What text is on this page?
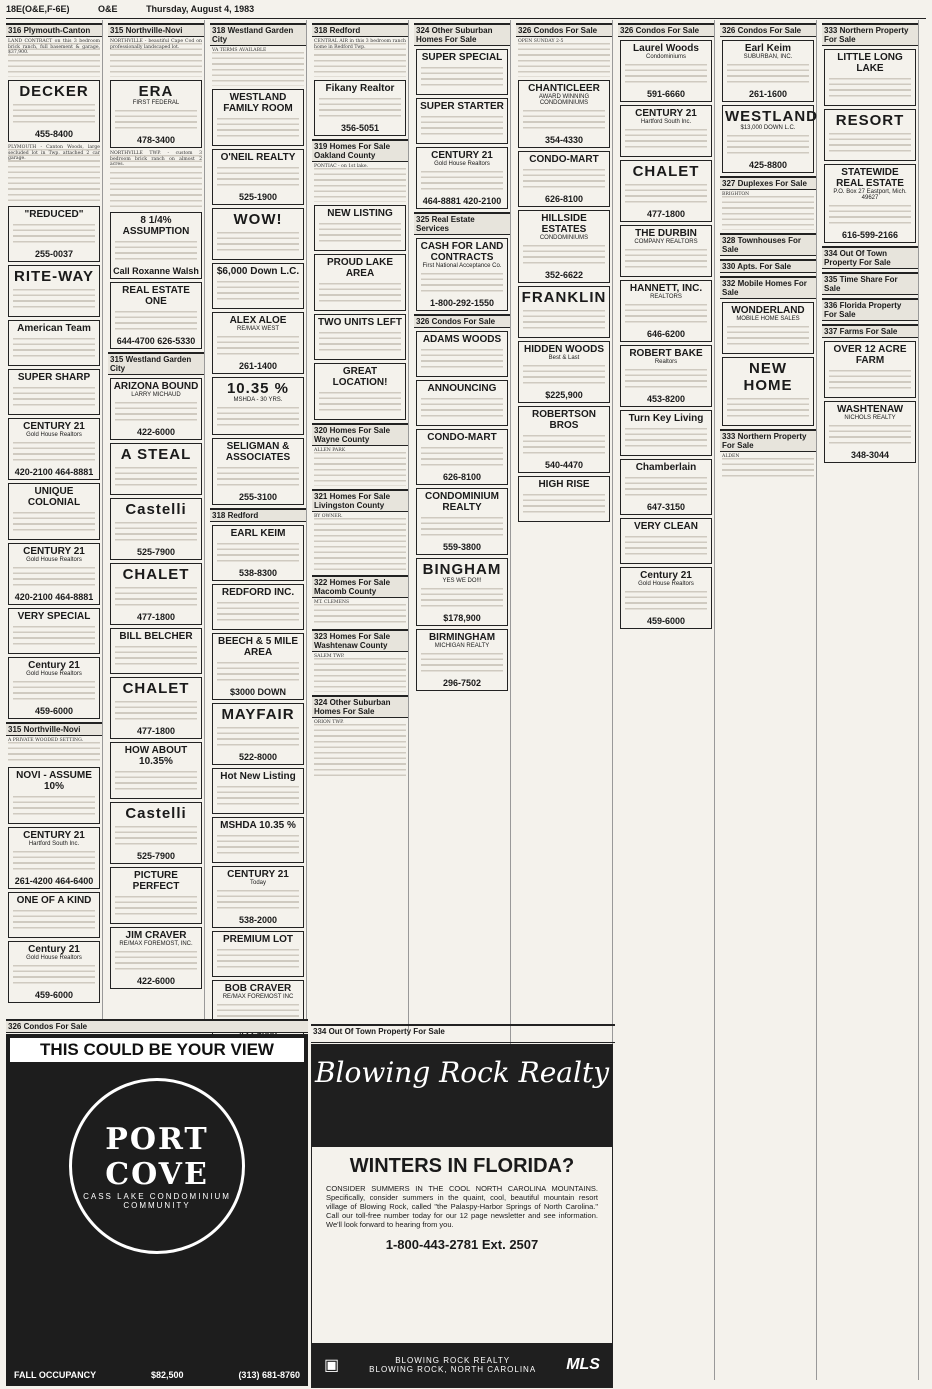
18E(O&E,F-6E)	O&E	Thursday, August 4, 1983
316 Plymouth-Canton
LAND CONTRACT on this 3 bedroom brick ranch, full basement & garage, $37,900.
DECKER
455-8400
PLYMOUTH - Canton Woods, large secluded lot in Twp. attached 2 car garage.
"REDUCED"
255-0037
RITE-WAY
American Team
SUPER SHARP
CENTURY 21
Gold House Realtors
420-2100 464-8881
UNIQUE COLONIAL
CENTURY 21
Gold House Realtors
420-2100 464-8881
VERY SPECIAL
Century 21
Gold House Realtors
459-6000
315 Northville-Novi
A PRIVATE WOODED SETTING.
NOVI - ASSUME 10%
CENTURY 21
Hartford South Inc.
261-4200 464-6400
ONE OF A KIND
Century 21
Gold House Realtors
459-6000
315 Northville-Novi
NORTHVILLE - beautiful Cape Cod on professionally landscaped lot.
ERA
FIRST FEDERAL
478-3400
NORTHVILLE TWP. - custom 3 bedroom brick ranch on almost 2 acres.
8 1/4% ASSUMPTION
Call Roxanne Walsh
REAL ESTATE ONE
644-4700 626-5330
315 Westland Garden City
ARIZONA BOUND
LARRY MICHAUD
422-6000
A STEAL
Castelli
525-7900
CHALET
477-1800
BILL BELCHER
CHALET
477-1800
HOW ABOUT 10.35%
Castelli
525-7900
PICTURE PERFECT
JIM CRAVER
RE/MAX FOREMOST, INC.
422-6000
318 Westland Garden City
VA TERMS AVAILABLE
WESTLAND FAMILY ROOM
O'NEIL REALTY
525-1900
WOW!
$6,000 Down L.C.
ALEX ALOE
RE/MAX WEST
261-1400
10.35 %
MSHDA - 30 YRS.
SELIGMAN & ASSOCIATES
255-3100
318 Redford
EARL KEIM
538-8300
REDFORD INC.
BEECH & 5 MILE AREA
$3000 DOWN
MAYFAIR
522-8000
Hot New Listing
MSHDA 10.35 %
CENTURY 21
Today
538-2000
PREMIUM LOT
BOB CRAVER
RE/MAX FOREMOST INC
318 Redford
CENTRAL AIR in this 3 bedroom ranch home in Redford Twp.
Fikany Realtor
356-5051
319 Homes For Sale Oakland County
PONTIAC - on 1st lake.
NEW LISTING
PROUD LAKE AREA
TWO UNITS LEFT
GREAT LOCATION!
320 Homes For Sale Wayne County
ALLEN PARK
321 Homes For Sale Livingston County
BY OWNER.
322 Homes For Sale Macomb County
MT. CLEMENS
323 Homes For Sale Washtenaw County
SALEM TWP.
324 Other Suburban Homes For Sale
ORION TWP.
324 Other Suburban Homes For Sale
SUPER SPECIAL
SUPER STARTER
CENTURY 21
Gold House Realtors
464-8881 420-2100
325 Real Estate Services
CASH FOR LAND CONTRACTS
First National Acceptance Co.
1-800-292-1550
326 Condos For Sale
ADAMS WOODS
ANNOUNCING
CONDO-MART
626-8100
CONDOMINIUM REALTY
559-3800
BINGHAM
YES WE DO!!!
$178,900
BIRMINGHAM
MICHIGAN REALTY
296-7502
326 Condos For Sale
OPEN SUNDAY 2-5
CHANTICLEER
AWARD WINNING CONDOMINIUMS
354-4330
CONDO-MART
626-8100
HILLSIDE ESTATES
CONDOMINIUMS
352-6622
FRANKLIN
HIDDEN WOODS
Best & Last
$225,900
ROBERTSON BROS
540-4470
HIGH RISE
326 Condos For Sale
Laurel Woods
Condominiums
591-6660
CENTURY 21
Hartford South Inc.
CHALET
477-1800
THE DURBIN
COMPANY REALTORS
HANNETT, INC.
REALTORS
646-6200
ROBERT BAKE
Realtors
453-8200
Turn Key Living
Chamberlain
647-3150
VERY CLEAN
Century 21
Gold House Realtors
459-6000
326 Condos For Sale
Earl Keim
SUBURBAN, INC.
261-1600
WESTLAND
$13,000 DOWN L.C.
425-8800
327 Duplexes For Sale
BRIGHTON
328 Townhouses For Sale
330 Apts. For Sale
332 Mobile Homes For Sale
WONDERLAND
MOBILE HOME SALES
NEW HOME
333 Northern Property For Sale
ALDEN
333 Northern Property For Sale
LITTLE LONG LAKE
RESORT
STATEWIDE REAL ESTATE
P.O. Box 27 Eastport, Mich. 49627
616-599-2166
334 Out Of Town Property For Sale
335 Time Share For Sale
336 Florida Property For Sale
337 Farms For Sale
OVER 12 ACRE FARM
WASHTENAW
NICHOLS REALTY
348-3044
326 Condos For Sale
THIS COULD BE YOUR VIEW
PORT COVE
CASS LAKE CONDOMINIUM COMMUNITY
FALL OCCUPANCY	$82,500	(313) 681-8760
334 Out Of Town Property For Sale
Blowing Rock Realty
WINTERS IN FLORIDA?
CONSIDER SUMMERS IN THE COOL NORTH CAROLINA MOUNTAINS. Specifically, consider summers in the quaint, cool, beautiful mountain resort village of Blowing Rock, called "the Palaspy-Harbor Springs of North Carolina." Call our toll-free number today for our 12 page newsletter and see information. We'll look forward to hearing from you.
1-800-443-2781 Ext. 2507
▣	BLOWING ROCK REALTY
BLOWING ROCK, NORTH CAROLINA MLS
